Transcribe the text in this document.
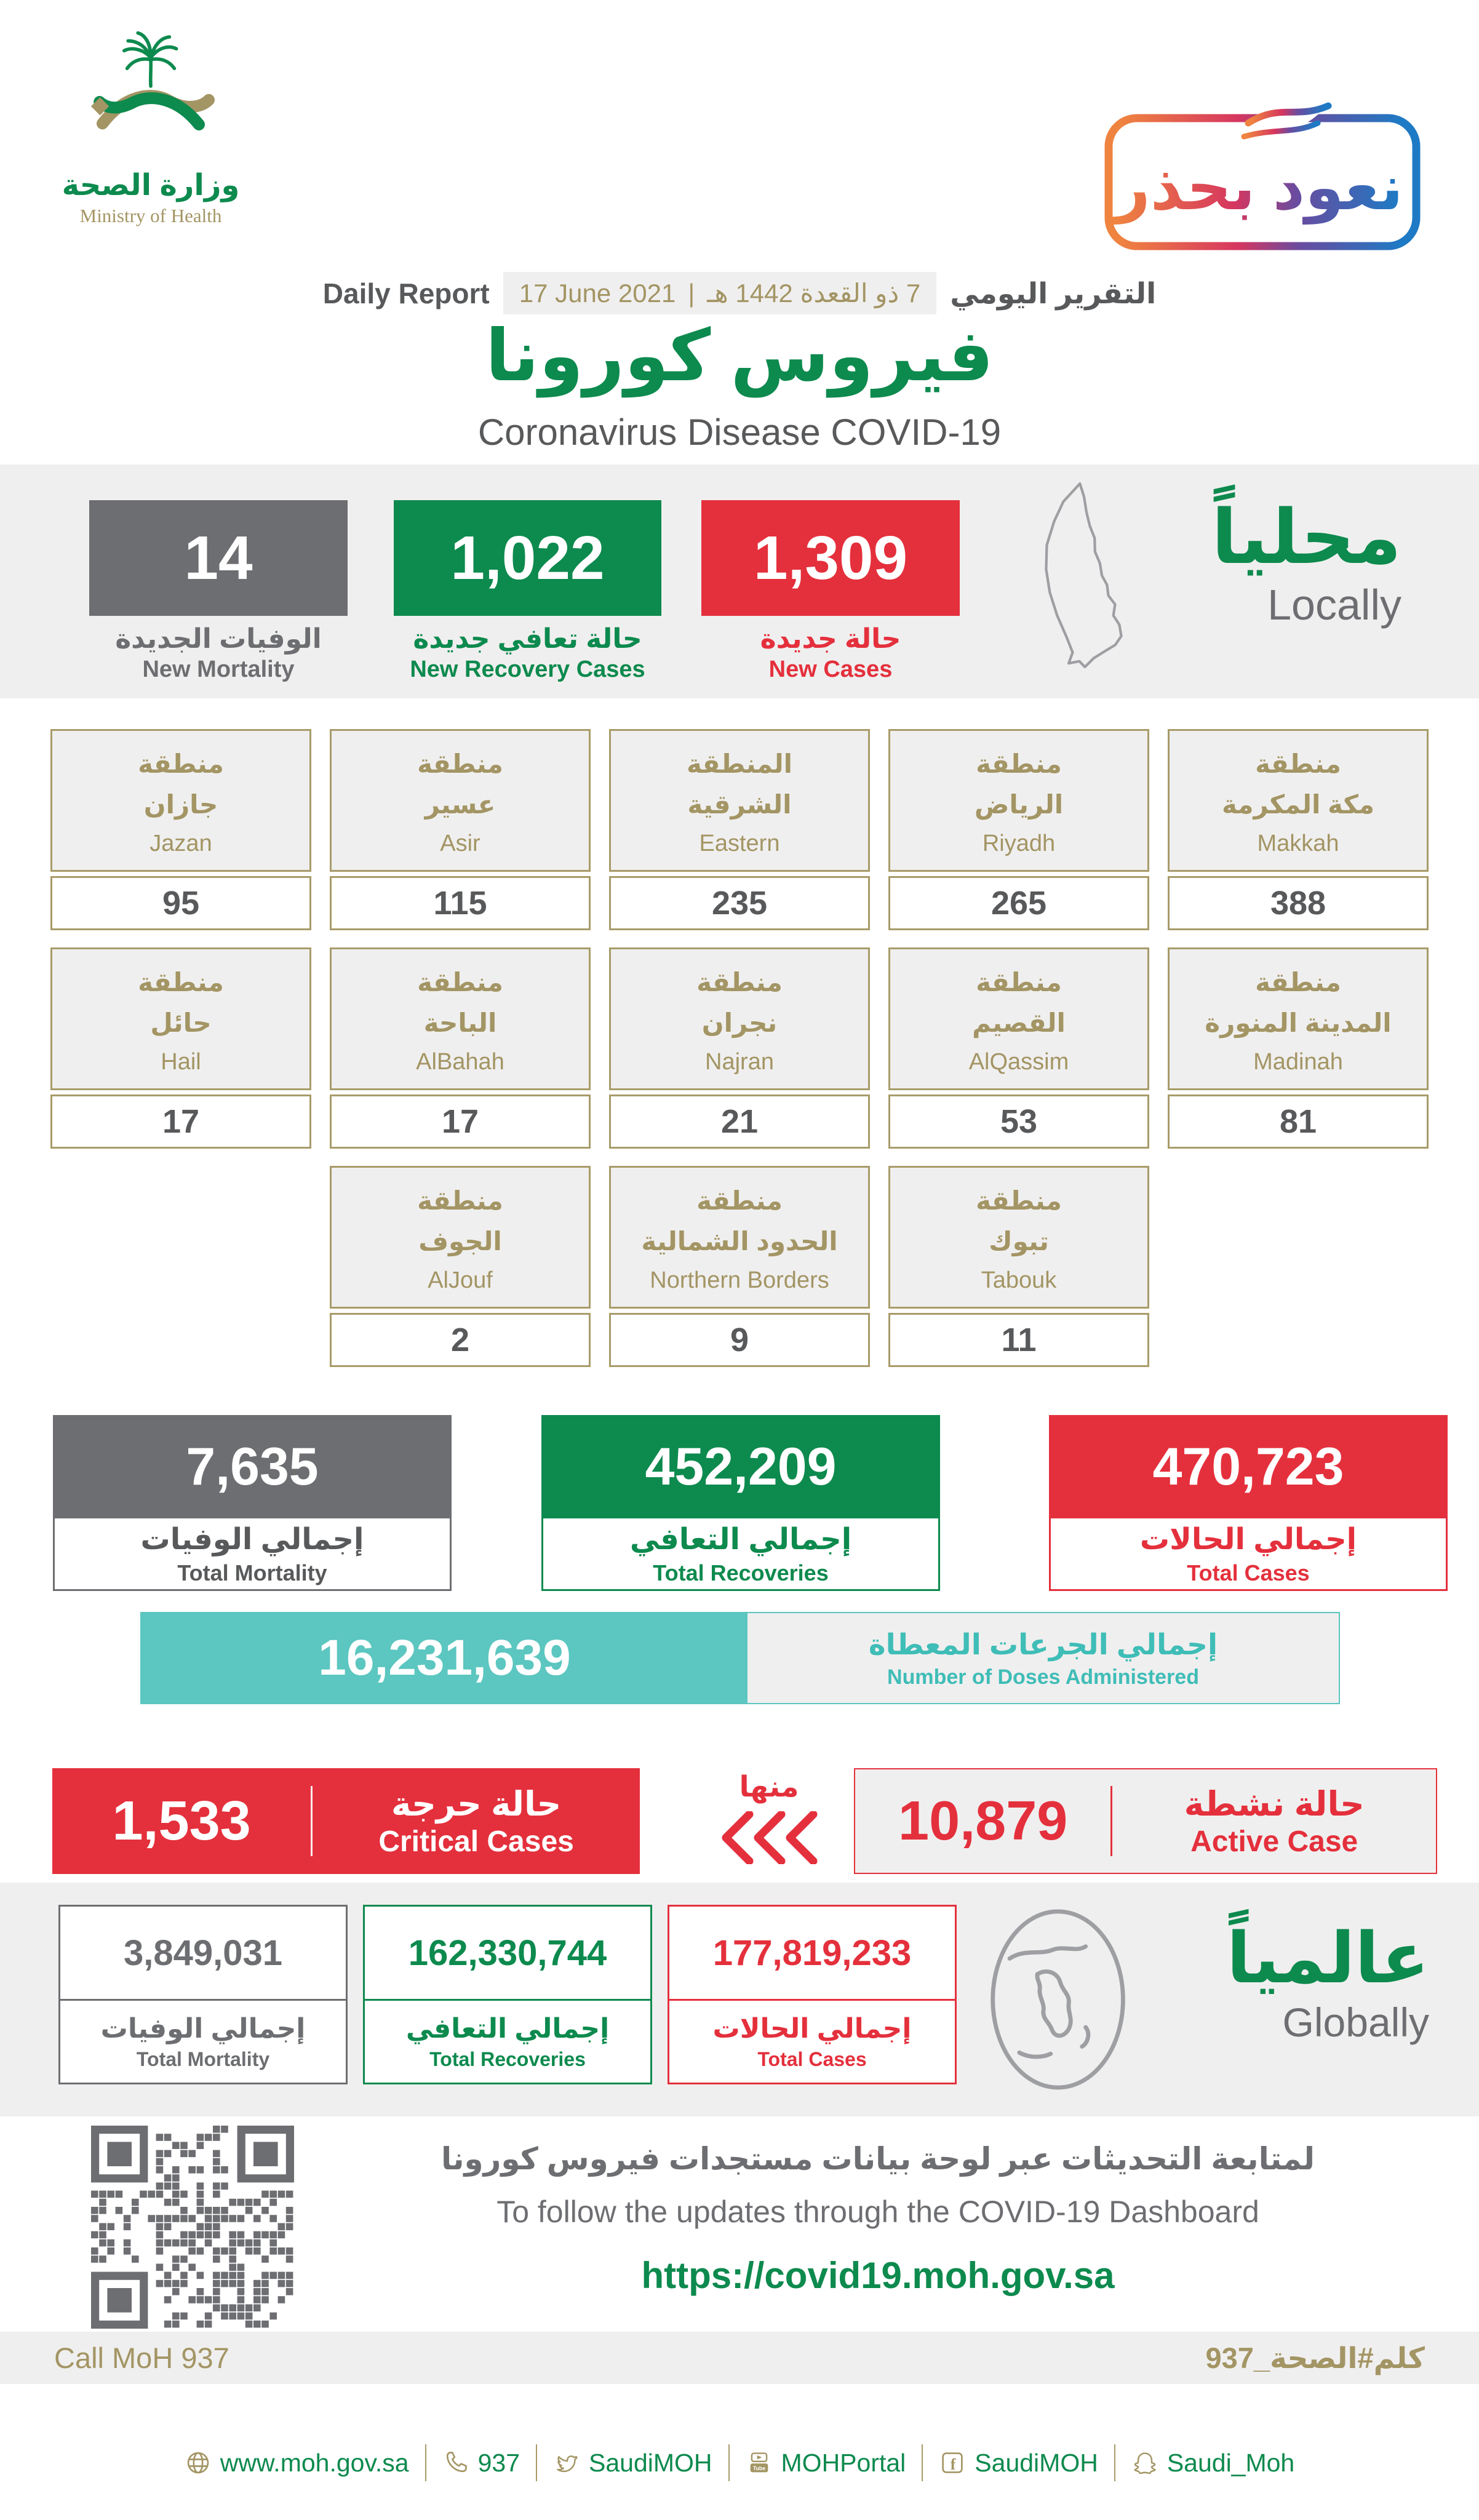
وزارة الصحة
Ministry of Health	نعود بحذر
Daily Report 17 June 2021 | 7 ذو القعدة 1442 هـ التقرير اليومي
فيروس كورونا
Coronavirus Disease COVID-19
14
الوفيات الجديدة
New Mortality
1,022
حالة تعافي جديدة
New Recovery Cases
1,309
حالة جديدة
New Cases
محلياً
Locally
منطقة
جازان
Jazan
95
منطقة
عسير
Asir
115
المنطقة
الشرقية
Eastern
235
منطقة
الرياض
Riyadh
265
منطقة
مكة المكرمة
Makkah
388
منطقة
حائل
Hail
17
منطقة
الباحة
AlBahah
17
منطقة
نجران
Najran
21
منطقة
القصيم
AlQassim
53
منطقة
المدينة المنورة
Madinah
81
منطقة
الجوف
AlJouf
2
منطقة
الحدود الشمالية
Northern Borders
9
منطقة
تبوك
Tabouk
11
7,635
إجمالي الوفيات
Total Mortality
452,209
إجمالي التعافي
Total Recoveries
470,723
إجمالي الحالات
Total Cases
16,231,639	إجمالي الجرعات المعطاة
Number of Doses Administered
1,533	حالة حرجة
Critical Cases
منها
10,879	حالة نشطة
Active Case
3,849,031
إجمالي الوفيات
Total Mortality
162,330,744
إجمالي التعافي
Total Recoveries
177,819,233
إجمالي الحالات
Total Cases
عالمياً
Globally
لمتابعة التحديثات عبر لوحة بيانات مستجدات فيروس كورونا
To follow the updates through the COVID-19 Dashboard
https://covid19.moh.gov.sa
Call MoH 937	كلم#الصحة_937
www.moh.gov.sa	937	SaudiMOH	Tube MOHPortal	f SaudiMOH	Saudi_Moh
